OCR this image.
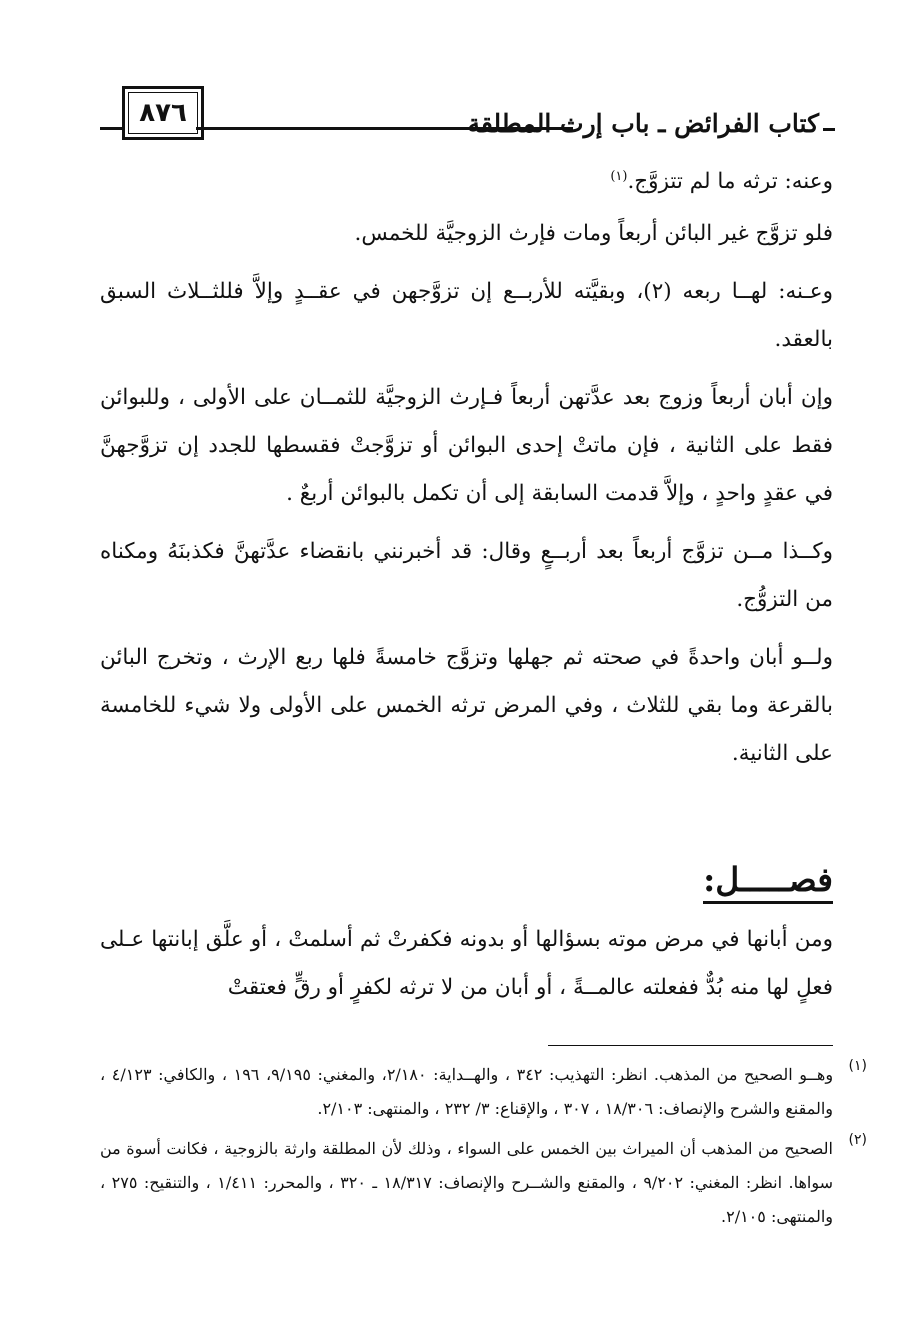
٨٧٦	كتاب الفرائض ـ باب إرث المطلقة

وعنه: ترثه ما لم تتزوَّج.$^{(١)}$

فلو تزوَّج غير البائن أربعاً ومات فإرث الزوجيَّة للخمس.

وعـنه: لهــا ربعه (٢)، وبقيَّته للأربــع إن تزوَّجهن في عقــدٍ وإلاَّ فللثــلاث السبق بالعقد.

وإن أبان أربعاً وزوج بعد عدَّتهن أربعاً فـإرث الزوجيَّة للثمــان على الأولى ، وللبوائن فقط على الثانية ، فإن ماتتْ إحدى البوائن أو تزوَّجتْ فقسطها للجدد إن تزوَّجهنَّ في عقدٍ واحدٍ ، وإلاَّ قدمت السابقة إلى أن تكمل بالبوائن أربعٌ .

وكــذا مــن تزوَّج أربعاً بعد أربــعٍ وقال: قد أخبرنني بانقضاء عدَّتهنَّ فكذبنَهُ ومكناه من التزوُّج.

ولــو أبان واحدةً في صحته ثم جهلها وتزوَّج خامسةً فلها ربع الإرث ، وتخرج البائن بالقرعة وما بقي للثلاث ، وفي المرض ترثه الخمس على الأولى ولا شيء للخامسة على الثانية.

فصـــــل:

ومن أبانها في مرض موته بسؤالها أو بدونه فكفرتْ ثم أسلمتْ ، أو علَّق إبانتها عـلى فعلٍ لها منه بُدٌّ ففعلته عالمــةً ، أو أبان من لا ترثه لكفرٍ أو رقٍّ فعتقتْ

(١)
وهــو الصحيح من المذهب. انظر: التهذيب: ٣٤٢ ، والهــداية: ٢/١٨٠، والمغني: ٩/١٩٥، ١٩٦ ، والكافي: ٤/١٢٣ ، والمقنع والشرح والإنصاف: ١٨/٣٠٦ ، ٣٠٧ ، والإقناع: ٣/ ٢٣٢ ، والمنتهى: ٢/١٠٣.
(٢)
الصحيح من المذهب أن الميراث بين الخمس على السواء ، وذلك لأن المطلقة وارثة بالزوجية ، فكانت أسوة من سواها. انظر: المغني: ٩/٢٠٢ ، والمقنع والشــرح والإنصاف: ١٨/٣١٧ ـ ٣٢٠ ، والمحرر: ١/٤١١ ، والتنقيح: ٢٧٥ ، والمنتهى: ٢/١٠٥.
